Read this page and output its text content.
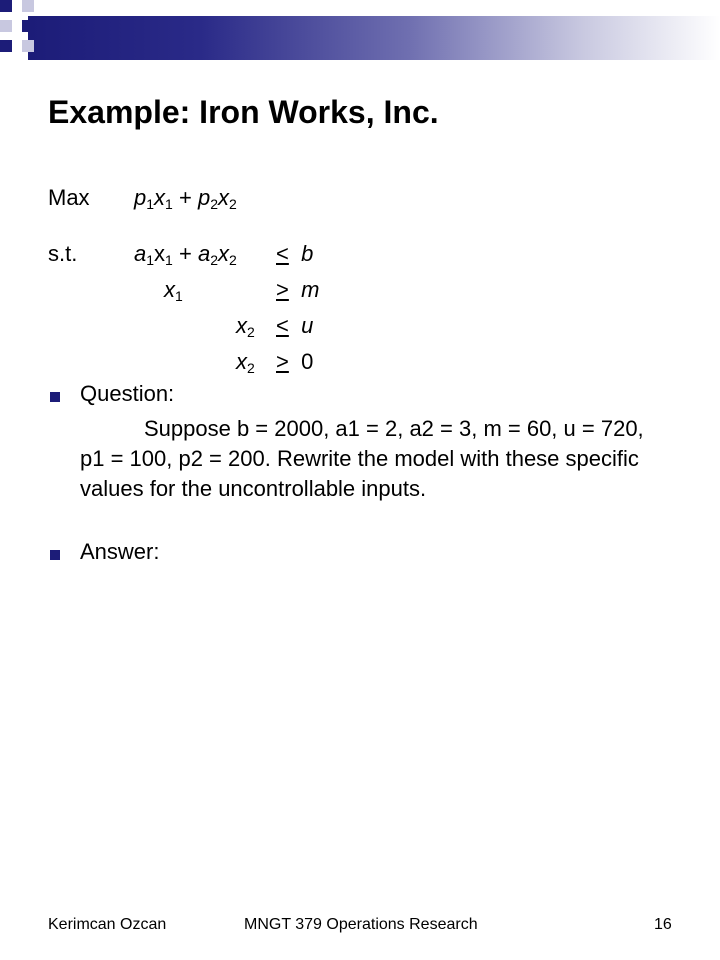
Example: Iron Works, Inc.
Max $p_1x_1 + p_2x_2$
s.t.	$a_1x_1 + a_2x_2 < b$
$x_1$	> m
$x_2 < u$
$x_2 > 0$
Question:
Suppose b = 2000, a1 = 2, a2 = 3, m = 60, u = 720, p1 = 100, p2 = 200. Rewrite the model with these specific values for the uncontrollable inputs.
Answer:
Kerimcan Ozcan	MNGT 379 Operations Research	16
